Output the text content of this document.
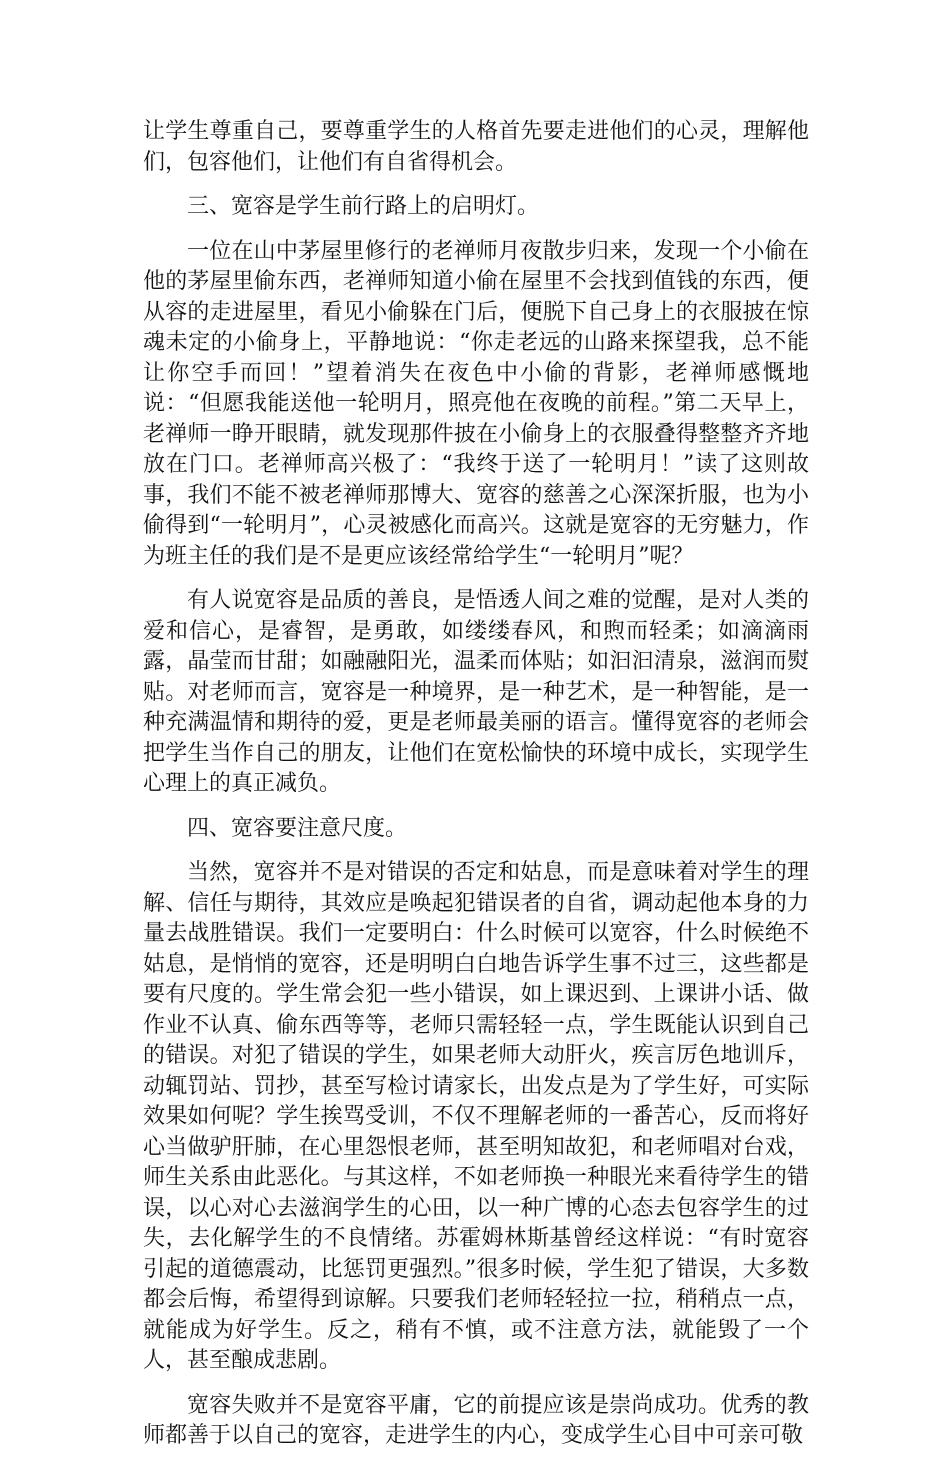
让学生尊重自己，要尊重学生的人格首先要走进他们的心灵，理解他们，包容他们，让他们有自省得机会。

三、宽容是学生前行路上的启明灯。

一位在山中茅屋里修行的老禅师月夜散步归来，发现一个小偷在他的茅屋里偷东西，老禅师知道小偷在屋里不会找到值钱的东西，便从容的走进屋里，看见小偷躲在门后，便脱下自己身上的衣服披在惊魂未定的小偷身上，平静地说：“你走老远的山路来探望我，总不能让你空手而回！”望着消失在夜色中小偷的背影，老禅师感慨地说：“但愿我能送他一轮明月，照亮他在夜晚的前程。”第二天早上，老禅师一睁开眼睛，就发现那件披在小偷身上的衣服叠得整整齐齐地放在门口。老禅师高兴极了：“我终于送了一轮明月！”读了这则故事，我们不能不被老禅师那博大、宽容的慈善之心深深折服，也为小偷得到“一轮明月”，心灵被感化而高兴。这就是宽容的无穷魅力，作为班主任的我们是不是更应该经常给学生“一轮明月”呢？

有人说宽容是品质的善良，是悟透人间之难的觉醒，是对人类的爱和信心，是睿智，是勇敢，如缕缕春风，和煦而轻柔；如滴滴雨露，晶莹而甘甜；如融融阳光，温柔而体贴；如汩汩清泉，滋润而熨贴。对老师而言，宽容是一种境界，是一种艺术，是一种智能，是一种充满温情和期待的爱，更是老师最美丽的语言。懂得宽容的老师会把学生当作自己的朋友，让他们在宽松愉快的环境中成长，实现学生心理上的真正减负。

四、宽容要注意尺度。

当然，宽容并不是对错误的否定和姑息，而是意味着对学生的理解、信任与期待，其效应是唤起犯错误者的自省，调动起他本身的力量去战胜错误。我们一定要明白：什么时候可以宽容，什么时候绝不姑息，是悄悄的宽容，还是明明白白地告诉学生事不过三，这些都是要有尺度的。学生常会犯一些小错误，如上课迟到、上课讲小话、做作业不认真、偷东西等等，老师只需轻轻一点，学生既能认识到自己的错误。对犯了错误的学生，如果老师大动肝火，疾言厉色地训斥，动辄罚站、罚抄，甚至写检讨请家长，出发点是为了学生好，可实际效果如何呢？学生挨骂受训，不仅不理解老师的一番苦心，反而将好心当做驴肝肺，在心里怨恨老师，甚至明知故犯，和老师唱对台戏，师生关系由此恶化。与其这样，不如老师换一种眼光来看待学生的错误，以心对心去滋润学生的心田，以一种广博的心态去包容学生的过失，去化解学生的不良情绪。苏霍姆林斯基曾经这样说：“有时宽容引起的道德震动，比惩罚更强烈。”很多时候，学生犯了错误，大多数都会后悔，希望得到谅解。只要我们老师轻轻拉一拉，稍稍点一点，就能成为好学生。反之，稍有不慎，或不注意方法，就能毁了一个人，甚至酿成悲剧。

宽容失败并不是宽容平庸，它的前提应该是崇尚成功。优秀的教师都善于以自己的宽容，走进学生的内心，变成学生心目中可亲可敬
